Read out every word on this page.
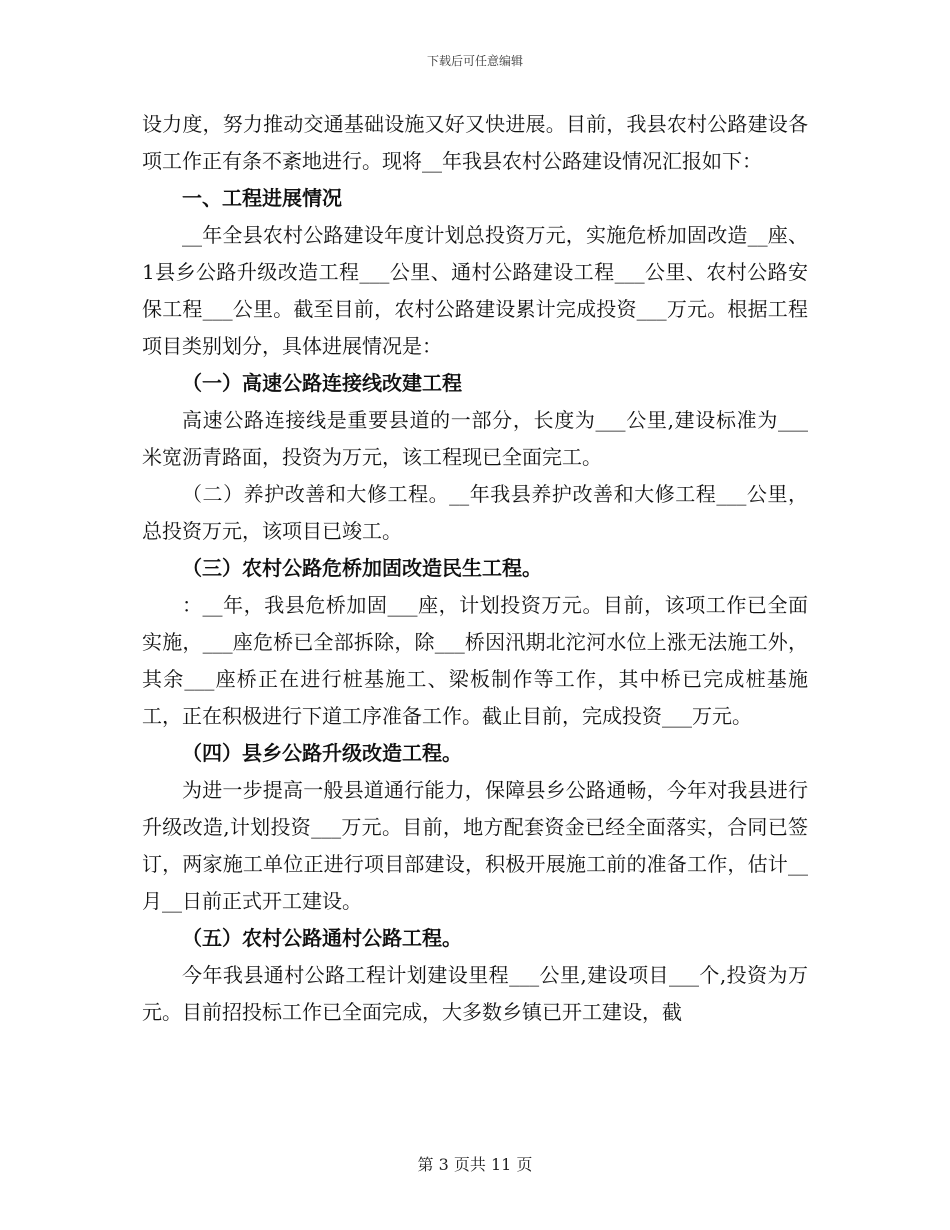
下载后可任意编辑

设力度，努力推动交通基础设施又好又快进展。目前，我县农村公路建设各项工作正有条不紊地进行。现将__年我县农村公路建设情况汇报如下：

一、工程进展情况

__年全县农村公路建设年度计划总投资万元，实施危桥加固改造__座、1县乡公路升级改造工程___公里、通村公路建设工程___公里、农村公路安保工程___公里。截至目前，农村公路建设累计完成投资___万元。根据工程项目类别划分，具体进展情况是：

（一）高速公路连接线改建工程

高速公路连接线是重要县道的一部分，长度为___公里,建设标准为___米宽沥青路面，投资为万元，该工程现已全面完工。

（二）养护改善和大修工程。__年我县养护改善和大修工程___公里，总投资万元，该项目已竣工。

（三）农村公路危桥加固改造民生工程。

：__年，我县危桥加固___座，计划投资万元。目前，该项工作已全面实施，___座危桥已全部拆除，除___桥因汛期北沱河水位上涨无法施工外，其余___座桥正在进行桩基施工、梁板制作等工作，其中桥已完成桩基施工，正在积极进行下道工序准备工作。截止目前，完成投资___万元。

（四）县乡公路升级改造工程。

为进一步提高一般县道通行能力，保障县乡公路通畅，今年对我县进行升级改造,计划投资___万元。目前，地方配套资金已经全面落实，合同已签订，两家施工单位正进行项目部建设，积极开展施工前的准备工作，估计__月__日前正式开工建设。

（五）农村公路通村公路工程。

今年我县通村公路工程计划建设里程___公里,建设项目___个,投资为万元。目前招投标工作已全面完成，大多数乡镇已开工建设，截

第 3 页共 11 页
